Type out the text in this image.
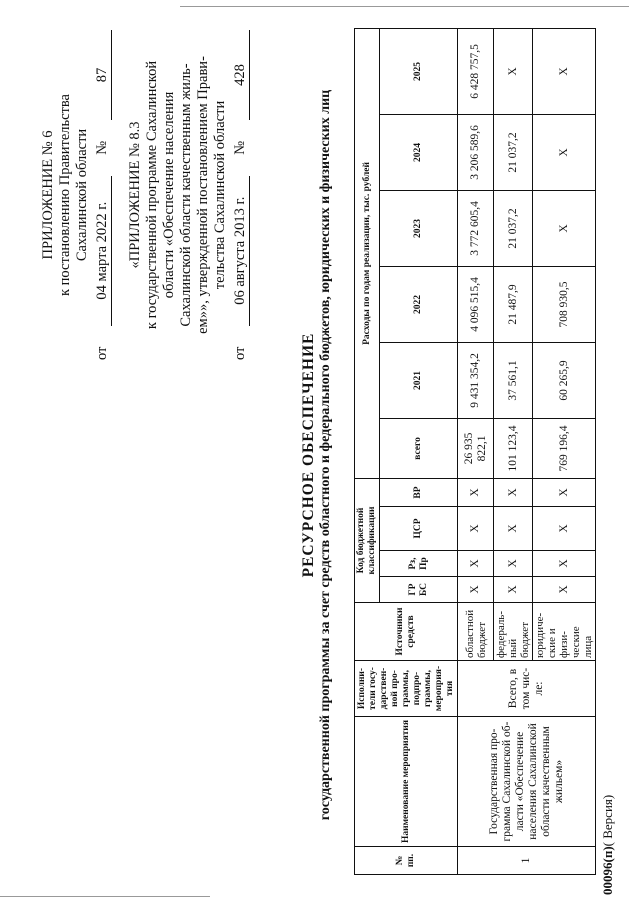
ПРИЛОЖЕНИЕ № 6 к постановлению Правительства Сахалинской области
от
04 марта 2022 г.
№
87
«ПРИЛОЖЕНИЕ № 8.3 к государственной программе Сахалинской области «Обеспечение населения Сахалинской области качественным жиль- ем»», утвержденной постановлением Прави- тельства Сахалинской области
от
06 августа 2013 г.
№
428
РЕСУРСНОЕ ОБЕСПЕЧЕНИЕ государственной программы за счет средств областного и федерального бюджетов, юридических и физических лиц
№ пп.	Наименование мероприятия	Исполни-тели госу-дарствен-ной про-граммы, подпро-граммы, мероприя-тия	Источники средств	Код бюджетной классификации				Расходы по годам реализации, тыс. рублей					
				ГР БС	Рз, Пр	ЦСР	ВР	всего	2021	2022	2023	2024	2025
1	Государственная про-грамма Сахалинской об-ласти «Обеспечение населения Сахалинской области качественным жильем»	Всего, в том чис-ле:	областной бюджет	Х	Х	Х	Х	26 935 822,1	9 431 354,2	4 096 515,4	3 772 605,4	3 206 589,6	6 428 757,5
			федераль-ный бюджет	Х	Х	Х	Х	101 123,4	37 561,1	21 487,9	21 037,2	21 037,2	Х
			юридиче-ские и физи-ческие лица	Х	Х	Х	Х	769 196,4	60 265,9	708 930,5	Х	Х	Х
00096(п)( Версия)
